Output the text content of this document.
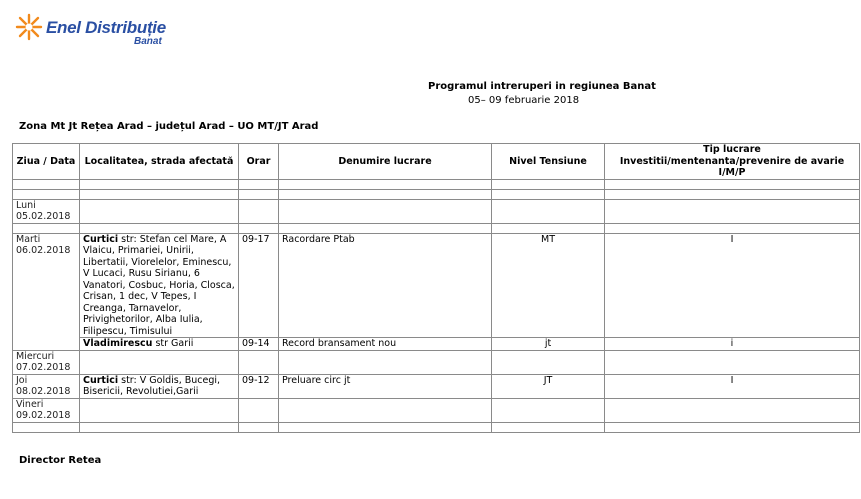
Enel Distribuție
Banat
Programul intreruperi in regiunea Banat
05– 09 februarie 2018
Zona Mt Jt Rețea Arad – județul Arad – UO MT/JT Arad
Ziua / Data	Localitatea, strada afectată	Orar	Denumire lucrare	Nivel Tensiune	Tip lucrare
Investitii/mentenanta/prevenire de avarie
I/M/P

Luni 05.02.2018					

Marti 06.02.2018	Curtici str: Stefan cel Mare, A Vlaicu, Primariei, Unirii, Libertatii, Viorelelor, Eminescu, V Lucaci, Rusu Sirianu, 6 Vanatori, Cosbuc, Horia, Closca, Crisan, 1 dec, V Tepes, I Creanga, Tarnavelor, Privighetorilor, Alba Iulia, Filipescu, Timisului	09-17	Racordare Ptab	MT	I
	Vladimirescu str Garii	09-14	Record bransament nou	jt	i
Miercuri 07.02.2018					
Joi 08.02.2018	Curtici str: V Goldis, Bucegi, Bisericii, Revolutiei,Garii	09-12	Preluare circ jt	JT	I
Vineri 09.02.2018					

Director Retea
